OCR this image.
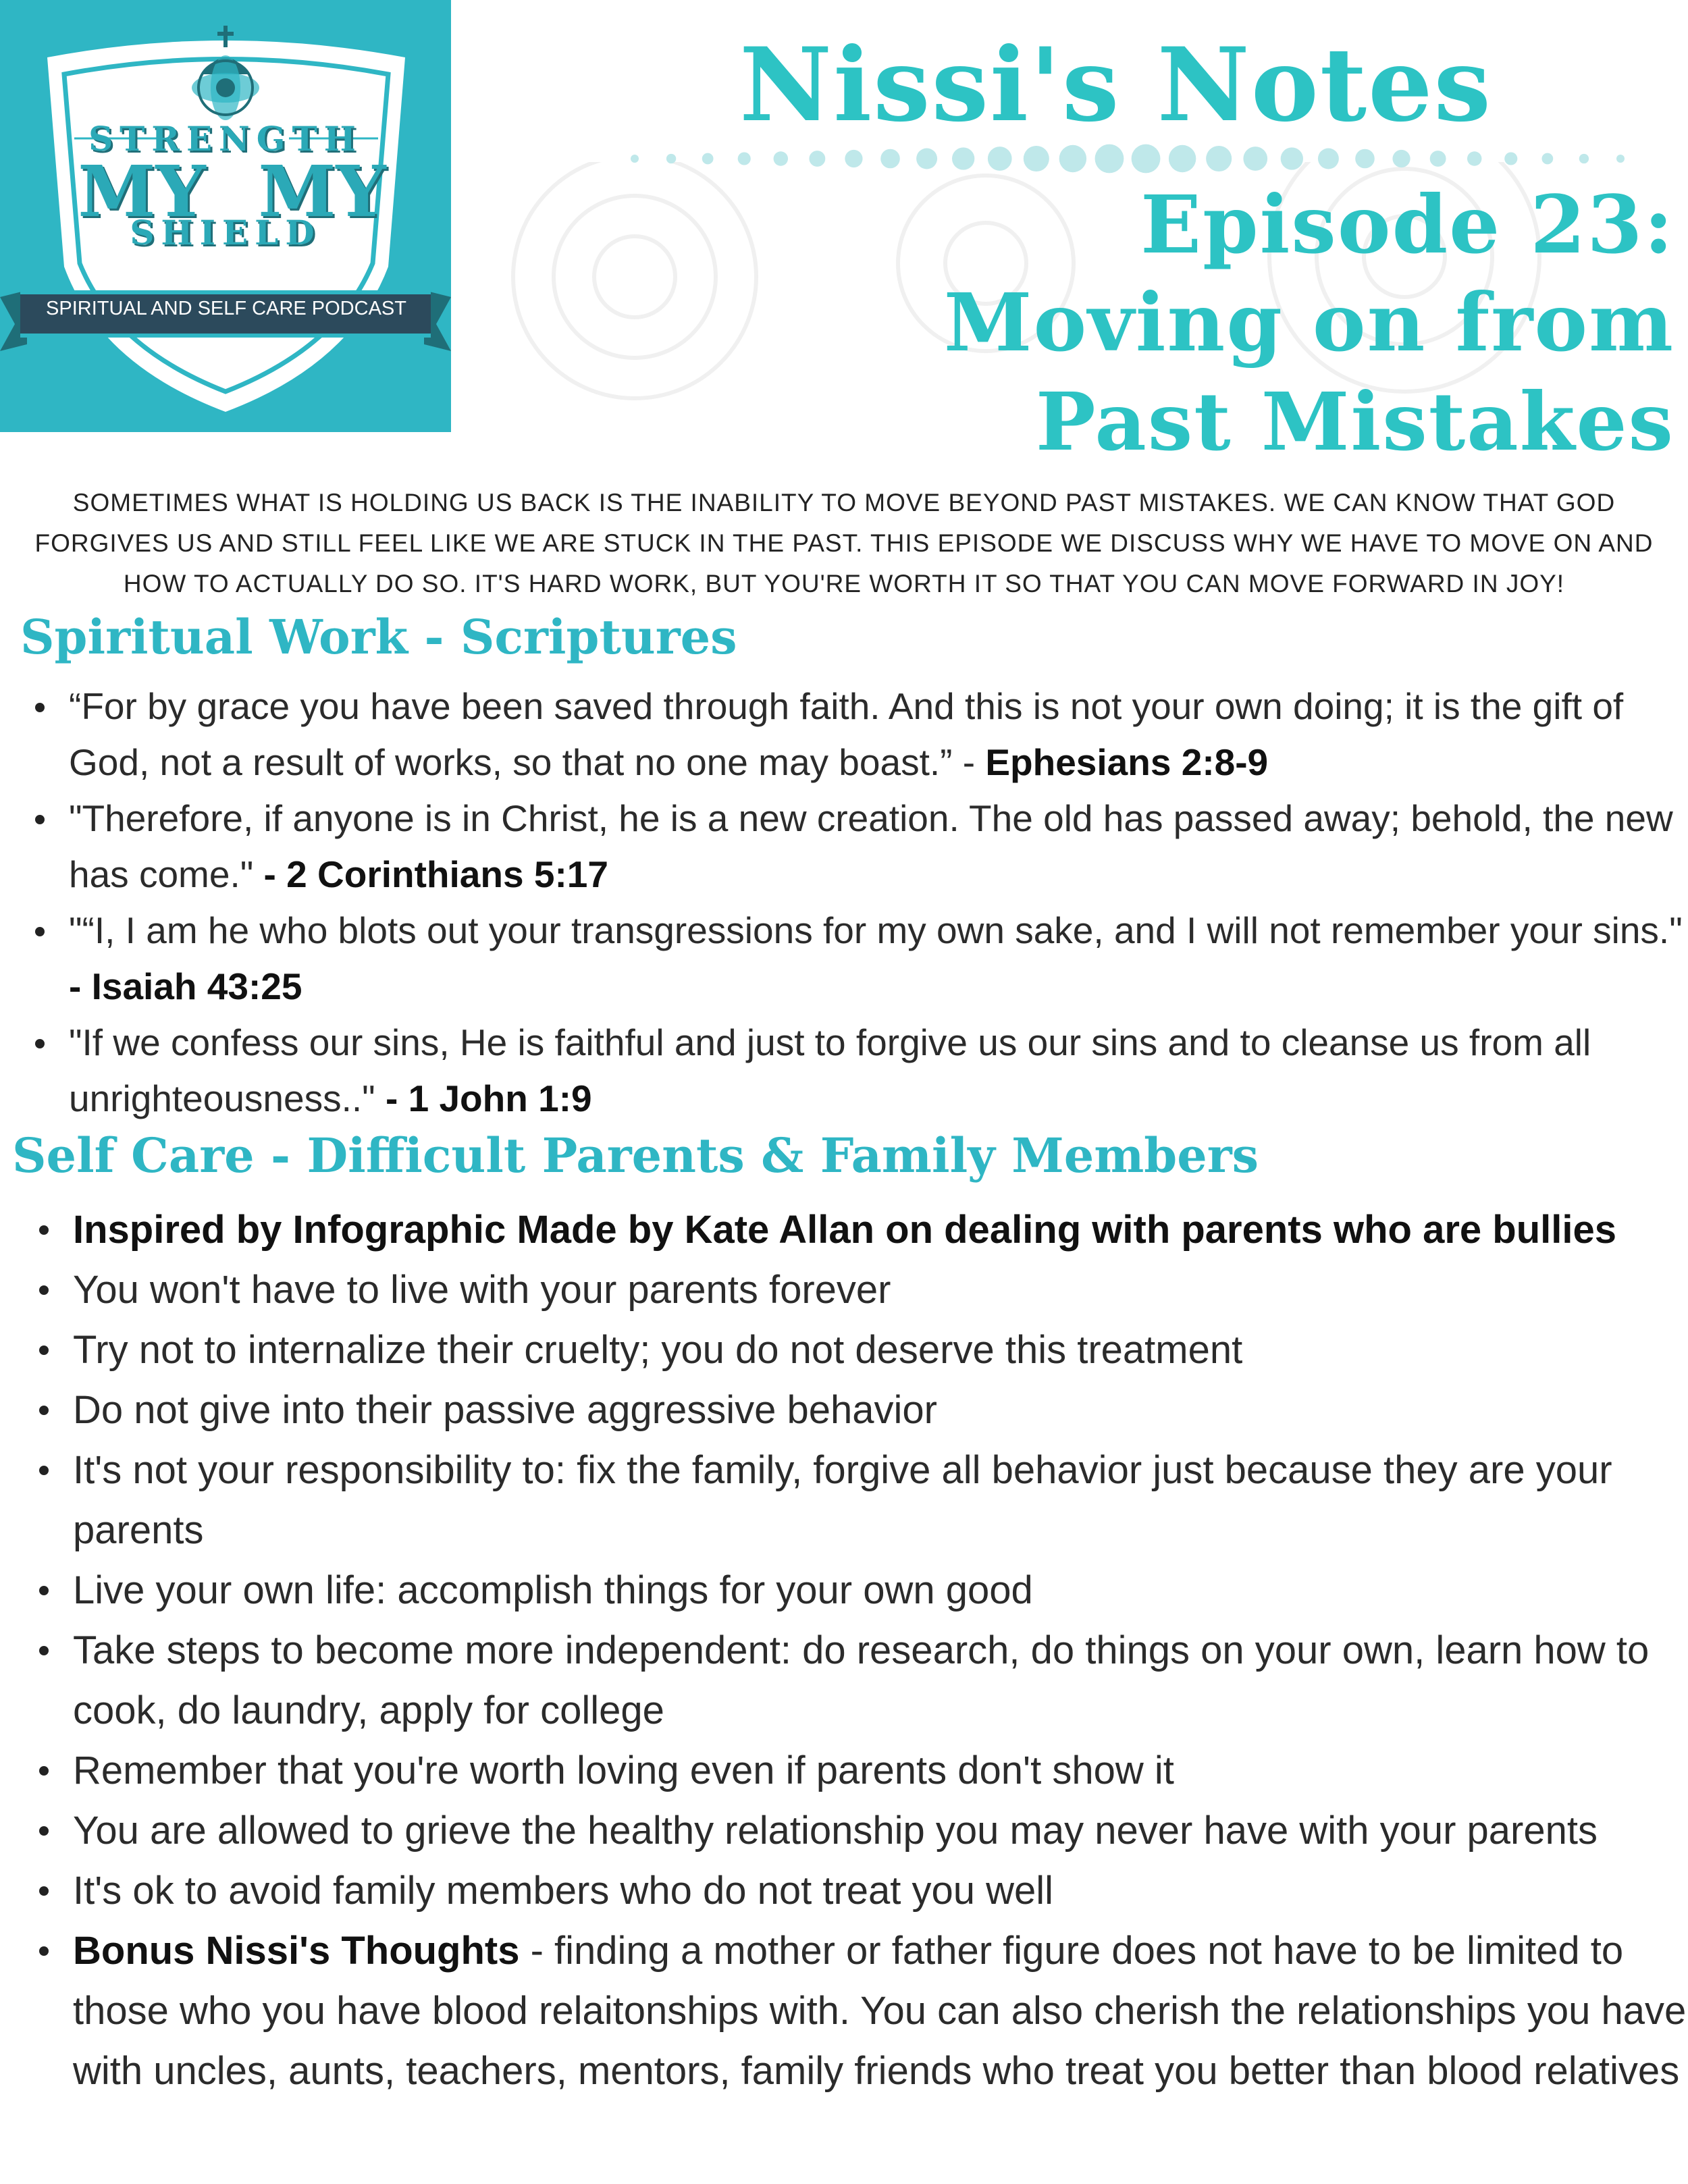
STRENGTH
MY & MY
SHIELD
SPIRITUAL AND SELF CARE PODCAST
Nissi's Notes
Episode 23:
Moving on from
Past Mistakes
SOMETIMES WHAT IS HOLDING US BACK IS THE INABILITY TO MOVE BEYOND PAST MISTAKES. WE CAN KNOW THAT GOD FORGIVES US AND STILL FEEL LIKE WE ARE STUCK IN THE PAST. THIS EPISODE WE DISCUSS WHY WE HAVE TO MOVE ON AND HOW TO ACTUALLY DO SO. IT'S HARD WORK, BUT YOU'RE WORTH IT SO THAT YOU CAN MOVE FORWARD IN JOY!
Spiritual Work - Scriptures
“For by grace you have been saved through faith. And this is not your own doing; it is the gift of God, not a result of works, so that no one may boast.” - Ephesians 2:8-9
"Therefore, if anyone is in Christ, he is a new creation. The old has passed away; behold, the new has come." - 2 Corinthians 5:17
"“I, I am he who blots out your transgressions for my own sake, and I will not remember your sins." - Isaiah 43:25
"If we confess our sins, He is faithful and just to forgive us our sins and to cleanse us from all unrighteousness.." - 1 John 1:9
Self Care - Difficult Parents & Family Members
Inspired by Infographic Made by Kate Allan on dealing with parents who are bullies
You won't have to live with your parents forever
Try not to internalize their cruelty; you do not deserve this treatment
Do not give into their passive aggressive behavior
It's not your responsibility to: fix the family, forgive all behavior just because they are your parents
Live your own life: accomplish things for your own good
Take steps to become more independent: do research, do things on your own, learn how to cook, do laundry, apply for college
Remember that you're worth loving even if parents don't show it
You are allowed to grieve the healthy relationship you may never have with your parents
It's ok to avoid family members who do not treat you well
Bonus Nissi's Thoughts - finding a mother or father figure does not have to be limited to those who you have blood relaitonships with. You can also cherish the relationships you have with uncles, aunts, teachers, mentors, family friends who treat you better than blood relatives
